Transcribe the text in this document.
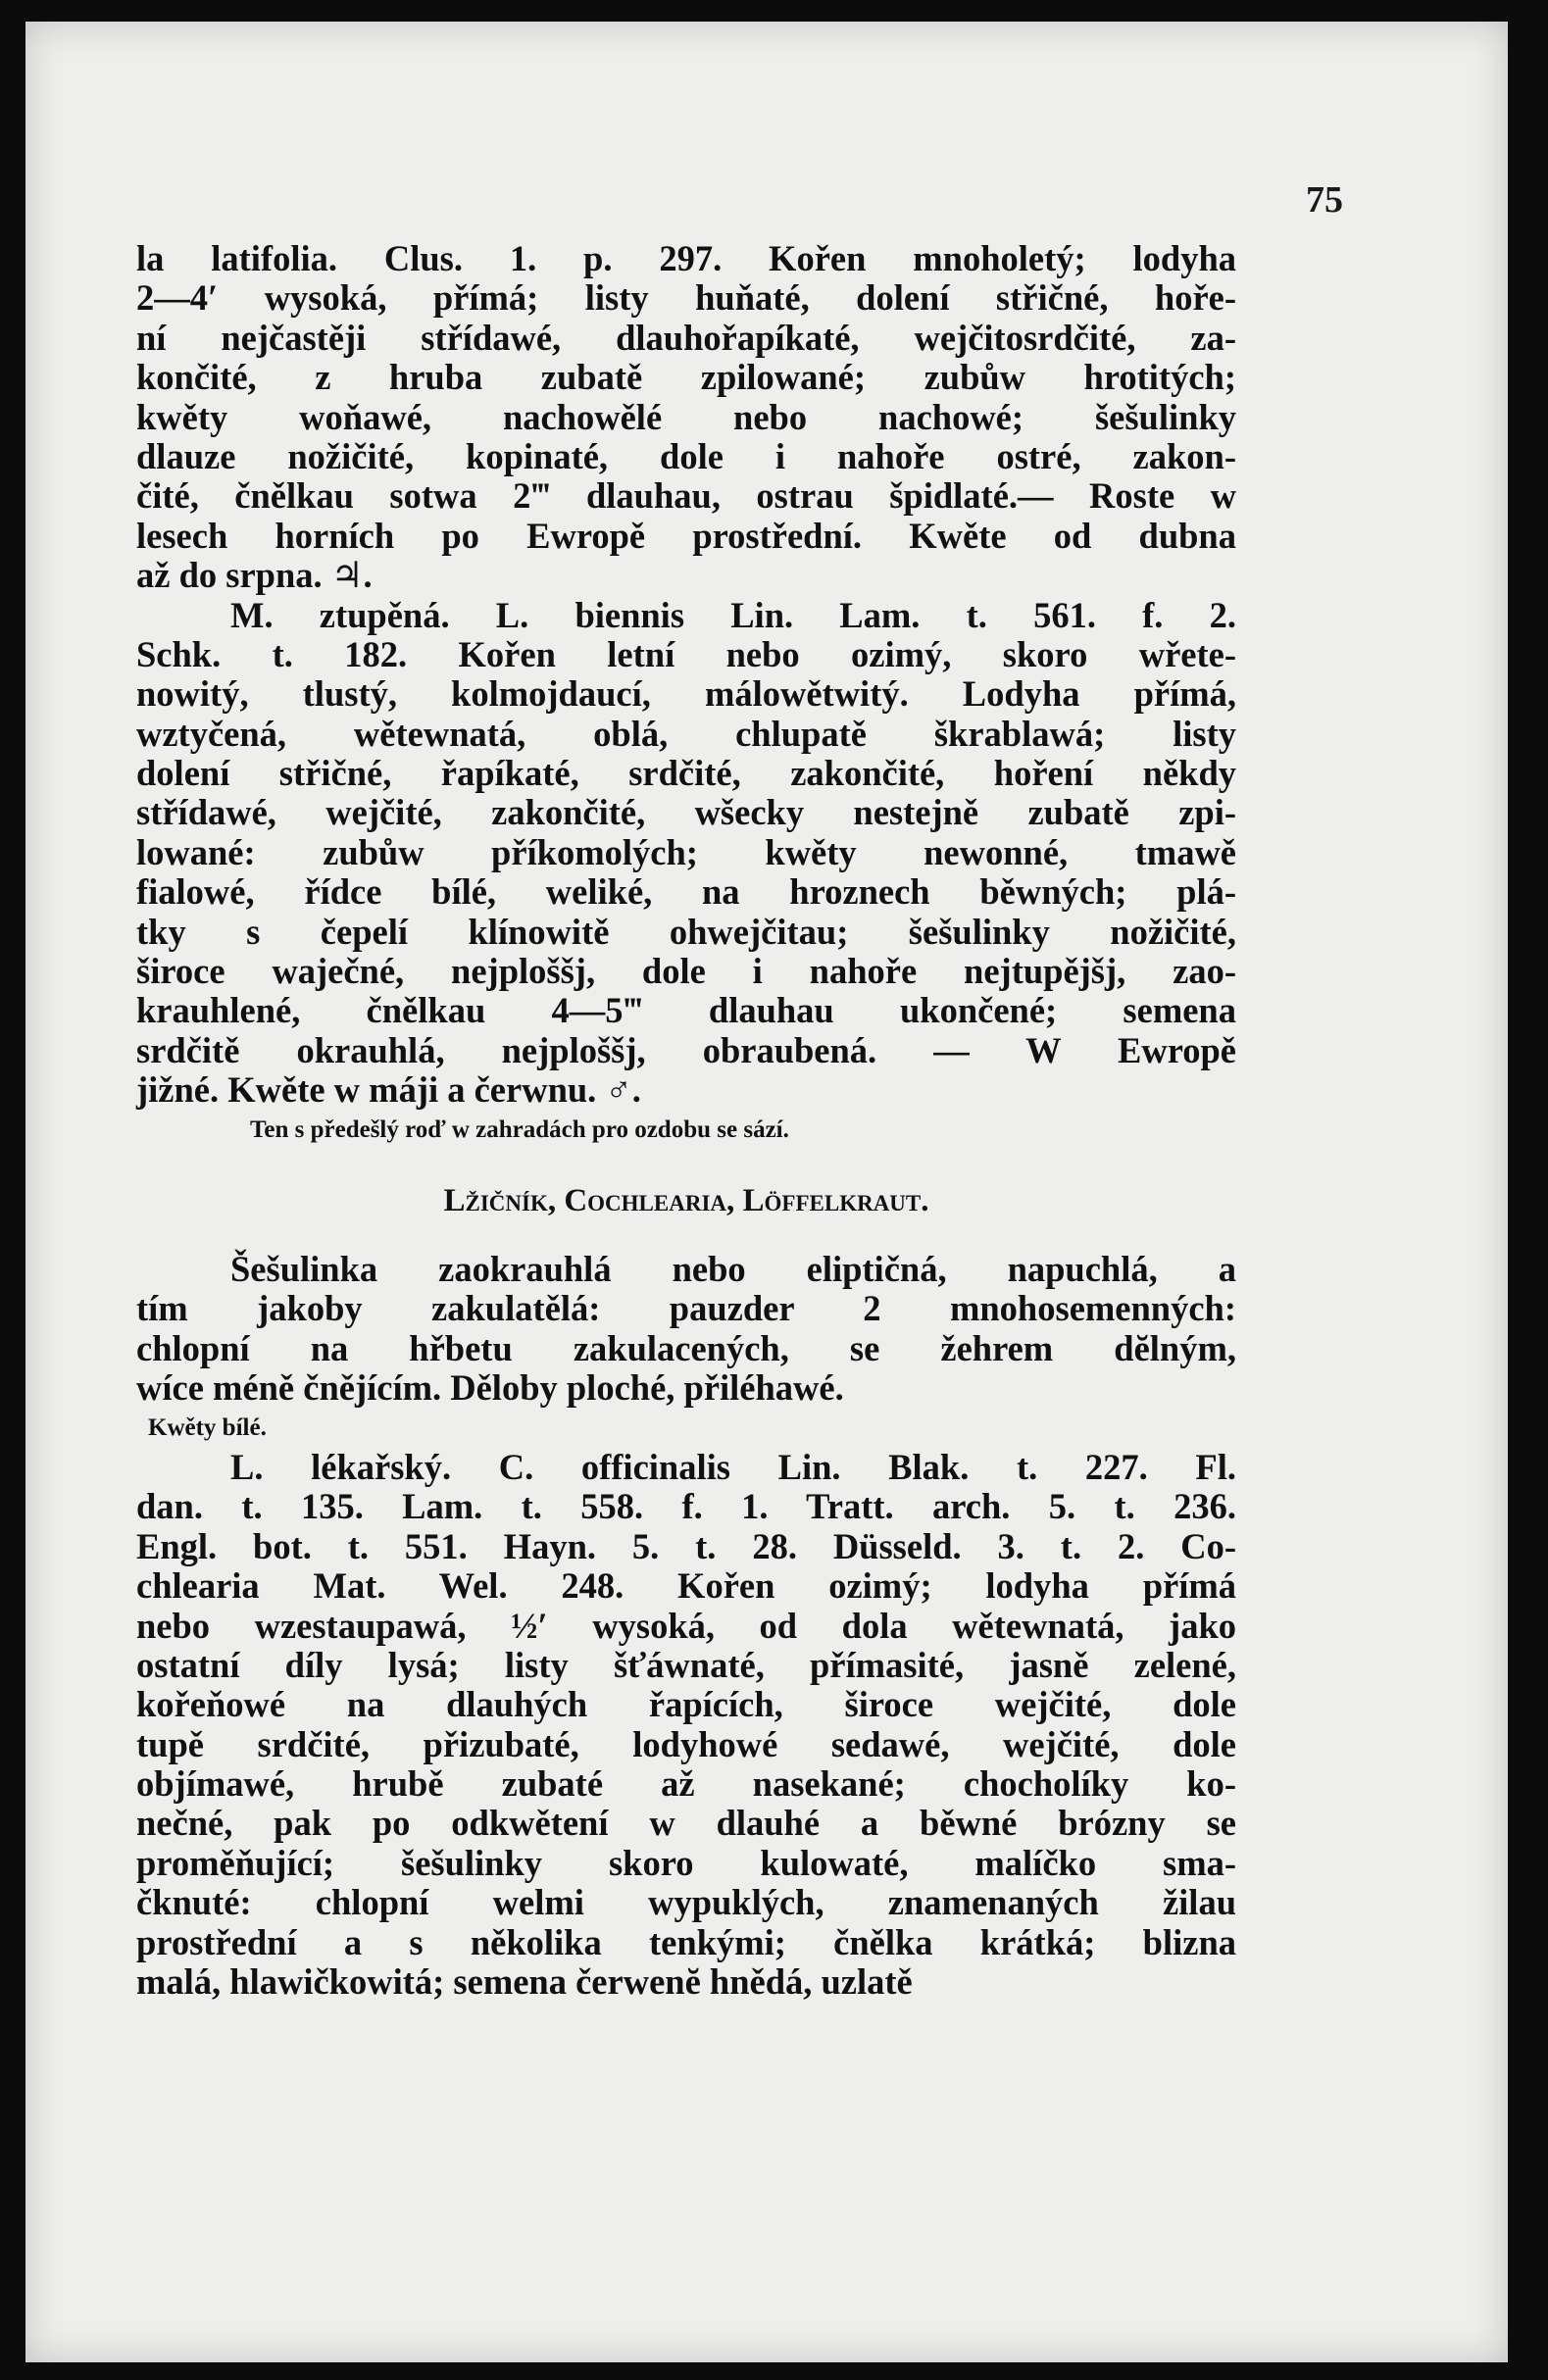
75
la latifolia. Clus. 1. p. 297. Kořen mnoholetý; lodyha
2—4′ wysoká, přímá; listy huňaté, dolení střičné, hoře-
ní nejčastěji střídawé, dlauhořapíkaté, wejčitosrdčité, za-
končité, z hruba zubatě zpilowané; zubůw hrotitých;
kwěty woňawé, nachowělé nebo nachowé; šešulinky
dlauze nožičité, kopinaté, dole i nahoře ostré, zakon-
čité, čnělkau sotwa 2‴ dlauhau, ostrau špidlaté.— Roste w
lesech horních po Ewropě prostřední. Kwěte od dubna
až do srpna. ♃.
M. ztupěná. L. biennis Lin. Lam. t. 561. f. 2.
Schk. t. 182. Kořen letní nebo ozimý, skoro wřete-
nowitý, tlustý, kolmojdaucí, málowětwitý. Lodyha přímá,
wztyčená, wětewnatá, oblá, chlupatě škrablawá; listy
dolení střičné, řapíkaté, srdčité, zakončité, hoření někdy
střídawé, wejčité, zakončité, wšecky nestejně zubatě zpi-
lowané: zubůw příkomolých; kwěty newonné, tmawě
fialowé, řídce bílé, weliké, na hroznech běwných; plá-
tky s čepelí klínowitě ohwejčitau; šešulinky nožičité,
široce waječné, nejploššj, dole i nahoře nejtupějšj, zao-
krauhlené, čnělkau 4—5‴ dlauhau ukončené; semena
srdčitě okrauhlá, nejploššj, obraubená. — W Ewropě
jižné. Kwěte w máji a čerwnu. ♂.
Ten s předešlý roď w zahradách pro ozdobu se sází.
Lžičník, Cochlearia, Löffelkraut.
Šešulinka zaokrauhlá nebo eliptičná, napuchlá, a
tím jakoby zakulatělá: pauzder 2 mnohosemenných:
chlopní na hřbetu zakulacených, se žehrem dĕlným,
wíce méně čnějícím. Děloby ploché, přiléhawé.
Kwěty bílé.
L. lékařský. C. officinalis Lin. Blak. t. 227. Fl.
dan. t. 135. Lam. t. 558. f. 1. Tratt. arch. 5. t. 236.
Engl. bot. t. 551. Hayn. 5. t. 28. Düsseld. 3. t. 2. Co-
chlearia Mat. Wel. 248. Kořen ozimý; lodyha přímá
nebo wzestaupawá, ½′ wysoká, od dola wětewnatá, jako
ostatní díly lysá; listy šťáwnaté, přímasité, jasně zelené,
kořeňowé na dlauhých řapících, široce wejčité, dole
tupě srdčité, přizubaté, lodyhowé sedawé, wejčité, dole
objímawé, hrubě zubaté až nasekané; chocholíky ko-
nečné, pak po odkwětení w dlauhé a běwné brózny se
proměňující; šešulinky skoro kulowaté, malíčko sma-
čknuté: chlopní welmi wypuklých, znamenaných žilau
prostřední a s několika tenkými; čnělka krátká; blizna
malá, hlawičkowitá; semena čerwenĕ hnědá, uzlatě
